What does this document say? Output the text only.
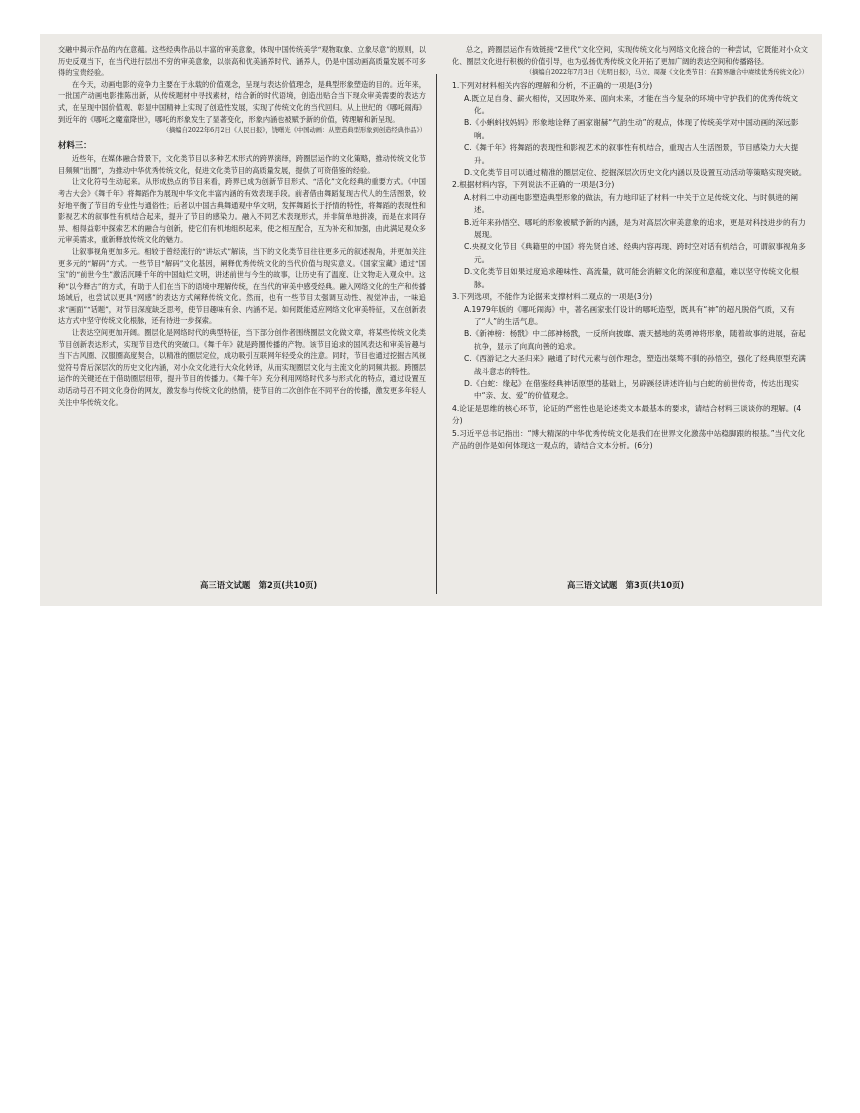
交融中揭示作品的内在意蕴。这些经典作品以丰富的审美意象，体现中国传统美学“观物取象、立象尽意”的原则，以历史反观当下，在当代进行层出不穷的审美意象，以崇高和优美涵养时代、涵养人，仍是中国动画高质量发展不可多得的宝贵经验。

在今天，动画电影的竞争力主要在于永载的价值观念，呈现与表达价值理念，是典型形象塑造的目的。近年来，一批国产动画电影推陈出新，从传统题材中寻找素材，结合新的时代语境，创造出贴合当下现众审美需要的表达方式，在呈现中国价值观、彰显中国精神上实现了创造性发展，实现了传统文化的当代回归。从上世纪的《哪吒闹海》到近年的《哪吒之魔童降世》，哪吒的形象发生了显著变化，形象内涵也被赋予新的价值，铸理解和新呈现。

（摘编自2022年6月2日《人民日报》，饶曙光《中国动画：从塑造典型形象到创造经典作品》）

材料三：

近些年，在媒体融合背景下，文化类节目以多种艺术形式的跨界演绎，跨圈层运作的文化策略，推动传统文化节目频频“出圈”，为推动中华优秀传统文化，促进文化类节目的高质量发展，提供了可资借鉴的经验。

让文化符号生动起来。从形成热点的节目来看，跨界已成为创新节目形式、“活化”文化经典的重要方式。《中国考古大会》《舞千年》将舞蹈作为展现中华文化丰富内涵的有效表现手段。前者借由舞蹈复现古代人的生活图景，较好地平衡了节目的专业性与通俗性；后者以中国古典舞通观中华文明，发挥舞蹈长于抒情的特性，将舞蹈的表现性和影视艺术的叙事性有机结合起来，提升了节目的感染力。融入不同艺术表现形式，并非简单地拼凑，而是在求同存异、相得益彰中探索艺术的融合与创新，使它们有机地组织起来，使之相互配合，互为补充和加强，由此满足观众多元审美需求，重新释放传统文化的魅力。

让叙事视角更加多元。相较于曾经流行的“讲坛式”解读，当下的文化类节目往往更多元的叙述视角，并更加关注更多元的“解码”方式。一些节目“解码”文化基因，阐释优秀传统文化的当代价值与现实意义。《国家宝藏》通过“国宝”的“前世今生”激活沉睡千年的中国灿烂文明，讲述前世与今生的故事，让历史有了温度、让文物走入观众中。这种“以今释古”的方式，有助于人们在当下的语境中理解传统，在当代的审美中感受经典。融入网络文化的生产和传播场域后，也尝试以更具“网感”的表达方式阐释传统文化。然而，也有一些节目太强调互动性、视觉冲击，一味追求“画面”“话题”，对节目深度缺乏思考，使节目趣味有余、内涵不足。如何既能适应网络文化审美特征，又在创新表达方式中坚守传统文化根脉，还有待进一步探索。

让表达空间更加开阔。圈层化是网络时代的典型特征，当下部分创作者围绕圈层文化做文章，将某些传统文化类节目创新表达形式，实现节目迭代的突破口。《舞千年》就是跨圈传播的产物。该节目追求的国风表达和审美旨趣与当下古风圈、汉服圈高度契合，以精准的圈层定位，成功吸引互联网年轻受众的注意。同时，节目也通过挖掘古风视觉符号背后深层次的历史文化内涵，对小众文化进行大众化转译，从而实现圈层文化与主流文化的同频共振。跨圈层运作的关键还在于借助圈层纽带，提升节目的传播力。《舞千年》充分利用网络时代多与形式化的特点，通过设置互动话动号召不同文化身份的网友，激发参与传统文化的热情，使节目的二次创作在不同平台的传播，激发更多年轻人关注中华传统文化。

总之，跨圈层运作有效链接“Z世代”文化空间，实现传统文化与网络文化接合的一种尝试，它既能对小众文化、圈层文化进行积极的价值引导，也为弘扬优秀传统文化开拓了更加广阔的表达空间和传播路径。

（摘编自2022年7月3日《光明日报》，马立、周凝《文化类节目：在跨界融合中赓续优秀传统文化》）

1.下列对材料相关内容的理解和分析，不正确的一项是(3分)

A.既立足自身、薪火相传，又因取外来、面向未来，才能在当今复杂的环境中守护我们的优秀传统文化。

B.《小蝌蚪找妈妈》形象地诠释了画家谢赫“气韵生动”的观点，体现了传统美学对中国动画的深远影响。

C.《舞千年》将舞蹈的表现性和影视艺术的叙事性有机结合，重现古人生活图景，节目感染力大大提升。

D.文化类节目可以通过精准的圈层定位、挖掘深层次历史文化内涵以及设置互动活动等策略实现突破。

2.根据材料内容，下列说法不正确的一项是(3分)

A.材料二中动画电影塑造典型形象的做法，有力地印证了材料一中关于立足传统文化、与时俱进的阐述。

B.近年来孙悟空、哪吒的形象被赋予新的内涵，是为对高层次审美意象的追求，更是对科技进步的有力展现。

C.央视文化节目《典籍里的中国》将先贤自述、经典内容再现、跨时空对话有机结合，可谓叙事视角多元。

D.文化类节目如果过度追求趣味性、高流量，就可能会消解文化的深度和意蕴，难以坚守传统文化根脉。

3.下列选项，不能作为论据来支撑材料二观点的一项是(3分)

A.1979年版的《哪吒闹海》中，著名画家张仃设计的哪吒造型，既具有“神”的超凡脱俗气质，又有了“人”的生活气息。

B.《新神榜：杨戬》中二郎神杨戬，一反所向披靡、震天撼地的英勇神将形象，随着故事的进展，奋起抗争，显示了向真向善的追求。

C.《西游记之大圣归来》融通了时代元素与创作理念，塑造出桀骜不驯的孙悟空，强化了经典原型充满战斗意志的特性。

D.《白蛇：缘起》在借鉴经典神话原型的基础上，另辟蹊径讲述许仙与白蛇的前世传奇，传达出现实中“亲、友、爱”的价值观念。

4.论证是思维的核心环节，论证的严密性也是论述类文本最基本的要求，请结合材料三谈谈你的理解。(4分)

5.习近平总书记指出：“博大精深的中华优秀传统文化是我们在世界文化激荡中站稳脚跟的根基。”当代文化产品的创作是如何体现这一观点的，请结合文本分析。(6分)

高三语文试题　第2页(共10页)	高三语文试题　第3页(共10页)
